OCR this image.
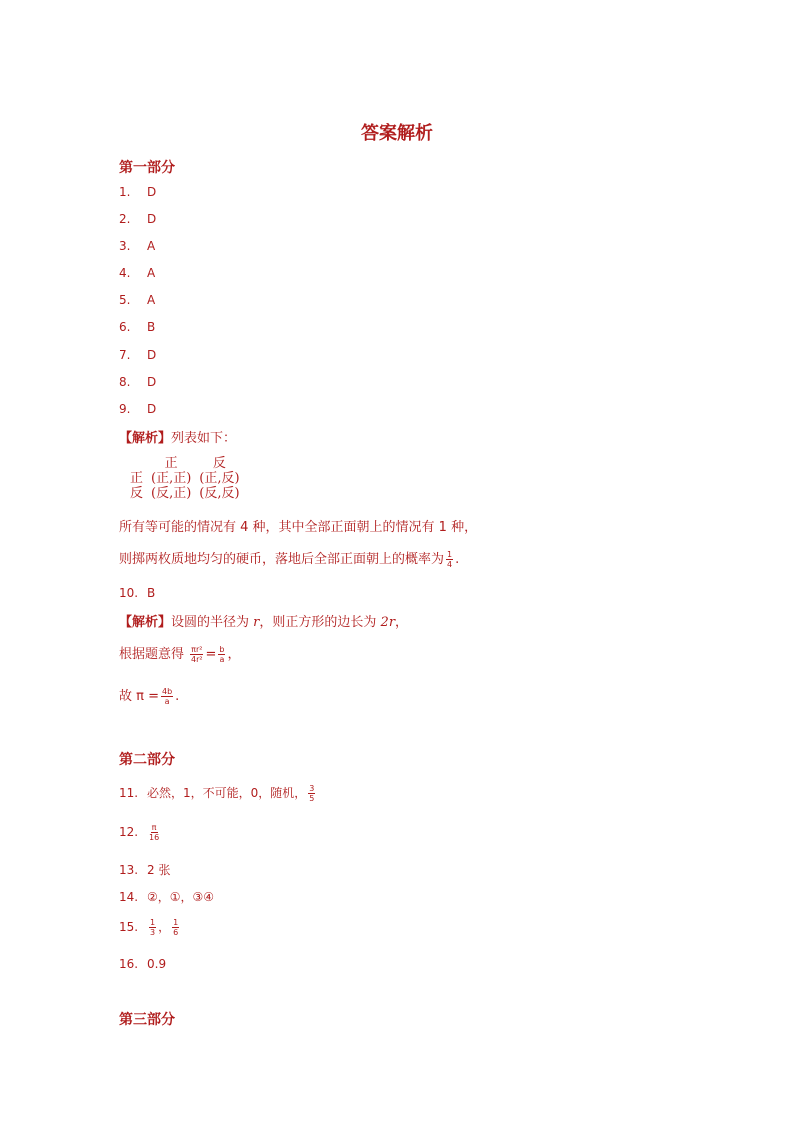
答案解析
第一部分
1. D
2. D
3. A
4. A
5. A
6. B
7. D
8. D
9. D
【解析】列表如下：
	正	反
正	(正,正)	(正,反)
反	(反,正)	(反,反)
所有等可能的情况有 4 种，其中全部正面朝上的情况有 1 种，
则掷两枚质地均匀的硬币，落地后全部正面朝上的概率为 $\frac{1}{4}$ .
10. B
【解析】设圆的半径为 r，则正方形的边长为 2r，
根据题意得 $\frac{\text{πr²}}{\text{4r²}} = \frac{b}{a}$ ，
故 $\pi = \frac{4b}{a}$ .
第二部分
11. 必然，1，不可能，0，随机， $\frac{3}{5}$
12. $\frac{\pi}{16}$
13. 2 张
14. ②，①，③④
15. $\frac{1}{3}$ ， $\frac{1}{6}$
16. 0.9
第三部分
